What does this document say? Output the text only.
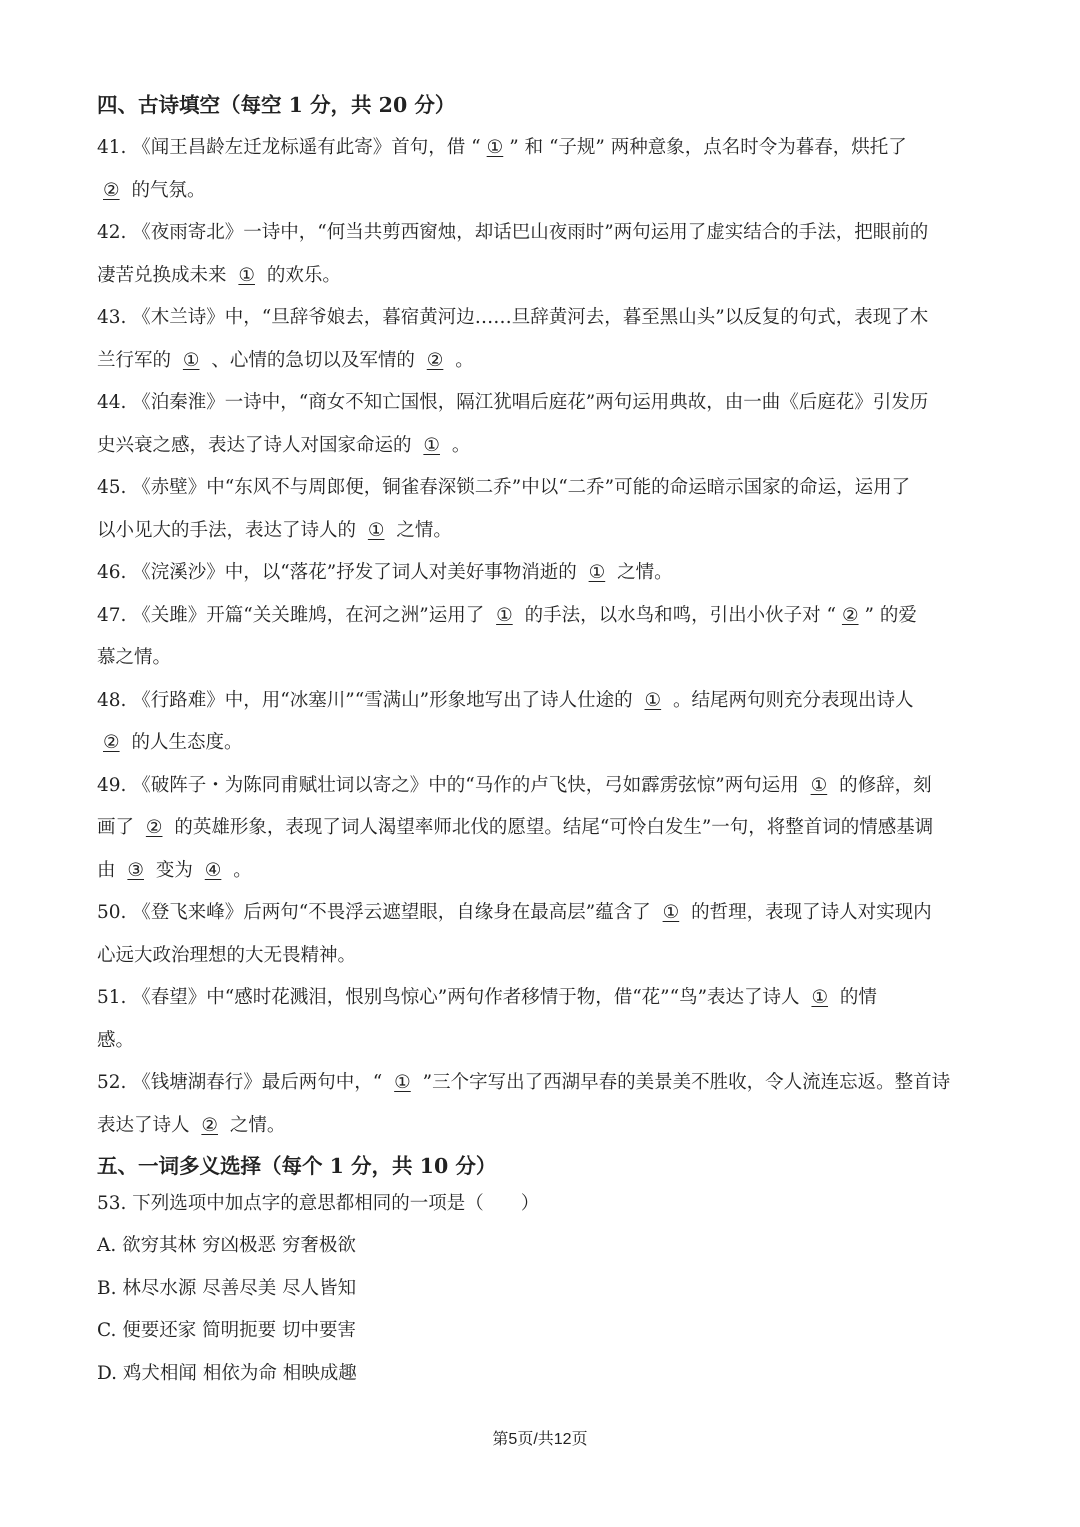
四、古诗填空（每空 1 分，共 20 分）
41. 《闻王昌龄左迁龙标遥有此寄》首句，借 “ ① ” 和 “子规” 两种意象，点名时令为暮春，烘托了
② 的气氛。
42. 《夜雨寄北》一诗中，“何当共剪西窗烛，却话巴山夜雨时”两句运用了虚实结合的手法，把眼前的
凄苦兑换成未来 ① 的欢乐。
43. 《木兰诗》中，“旦辞爷娘去，暮宿黄河边……旦辞黄河去，暮至黑山头”以反复的句式，表现了木
兰行军的 ① 、心情的急切以及军情的 ② 。
44. 《泊秦淮》一诗中，“商女不知亡国恨，隔江犹唱后庭花”两句运用典故，由一曲《后庭花》引发历
史兴衰之感，表达了诗人对国家命运的 ① 。
45. 《赤壁》中“东风不与周郎便，铜雀春深锁二乔”中以“二乔”可能的命运暗示国家的命运，运用了
以小见大的手法，表达了诗人的 ① 之情。
46. 《浣溪沙》中，以“落花”抒发了词人对美好事物消逝的 ① 之情。
47. 《关雎》开篇“关关雎鸠，在河之洲”运用了 ① 的手法，以水鸟和鸣，引出小伙子对 “ ② ” 的爱
慕之情。
48. 《行路难》中，用“冰塞川”“雪满山”形象地写出了诗人仕途的 ① 。结尾两句则充分表现出诗人
② 的人生态度。
49. 《破阵子・为陈同甫赋壮词以寄之》中的“马作的卢飞快，弓如霹雳弦惊”两句运用 ① 的修辞，刻
画了 ② 的英雄形象，表现了词人渴望率师北伐的愿望。结尾“可怜白发生”一句，将整首词的情感基调
由 ③ 变为 ④ 。
50. 《登飞来峰》后两句“不畏浮云遮望眼，自缘身在最高层”蕴含了 ① 的哲理，表现了诗人对实现内
心远大政治理想的大无畏精神。
51. 《春望》中“感时花溅泪，恨别鸟惊心”两句作者移情于物，借“花”“鸟”表达了诗人 ① 的情
感。
52. 《钱塘湖春行》最后两句中，“ ① ”三个字写出了西湖早春的美景美不胜收，令人流连忘返。整首诗
表达了诗人 ② 之情。
五、一词多义选择（每个 1 分，共 10 分）
53. 下列选项中加点字的意思都相同的一项是（　　）
A. 欲穷其林 穷凶极恶 穷奢极欲
B. 林尽水源 尽善尽美 尽人皆知
C. 便要还家 简明扼要 切中要害
D. 鸡犬相闻 相依为命 相映成趣
第5页/共12页
